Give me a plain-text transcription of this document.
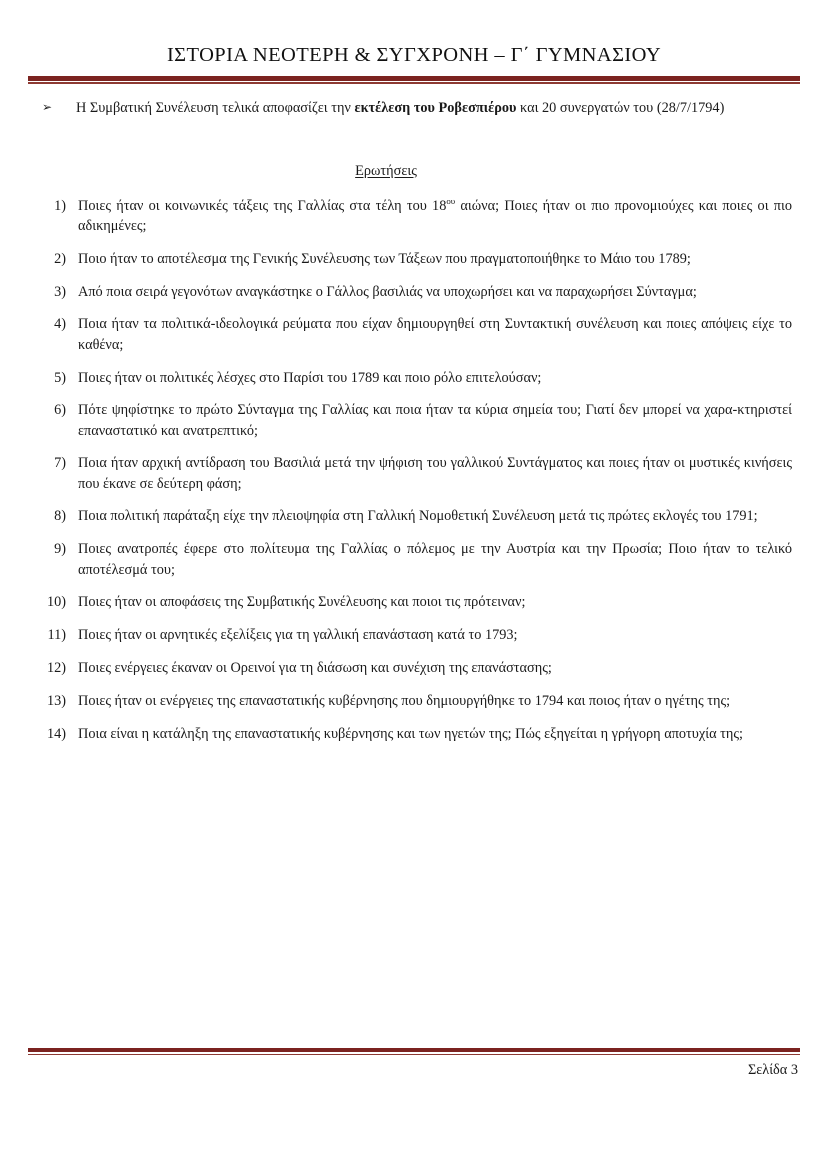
ΙΣΤΟΡΙΑ ΝΕΟΤΕΡΗ & ΣΥΓΧΡΟΝΗ – Γ΄ ΓΥΜΝΑΣΙΟΥ
➢	Η Συμβατική Συνέλευση τελικά αποφασίζει την εκτέλεση του Ροβεσπιέρου και 20 συνεργατών του (28/7/1794)
Ερωτήσεις
1) Ποιες ήταν οι κοινωνικές τάξεις της Γαλλίας στα τέλη του $18^{o\upsilon}$ αιώνα; Ποιες ήταν οι πιο προνομιούχες και ποιες οι πιο αδικημένες;
2) Ποιο ήταν το αποτέλεσμα της Γενικής Συνέλευσης των Τάξεων που πραγματοποιήθηκε το Μάιο του 1789;
3) Από ποια σειρά γεγονότων αναγκάστηκε ο Γάλλος βασιλιάς να υποχωρήσει και να παραχωρήσει Σύνταγμα;
4) Ποια ήταν τα πολιτικά-ιδεολογικά ρεύματα που είχαν δημιουργηθεί στη Συντακτική συνέλευση και ποιες απόψεις είχε το καθένα;
5) Ποιες ήταν οι πολιτικές λέσχες στο Παρίσι του 1789 και ποιο ρόλο επιτελούσαν;
6) Πότε ψηφίστηκε το πρώτο Σύνταγμα της Γαλλίας και ποια ήταν τα κύρια σημεία του; Γιατί δεν μπορεί να χαρα-κτηριστεί επαναστατικό και ανατρεπτικό;
7) Ποια ήταν αρχική αντίδραση του Βασιλιά μετά την ψήφιση του γαλλικού Συντάγματος και ποιες ήταν οι μυστικές κινήσεις που έκανε σε δεύτερη φάση;
8) Ποια πολιτική παράταξη είχε την πλειοψηφία στη Γαλλική Νομοθετική Συνέλευση μετά τις πρώτες εκλογές του 1791;
9) Ποιες ανατροπές έφερε στο πολίτευμα της Γαλλίας ο πόλεμος με την Αυστρία και την Πρωσία; Ποιο ήταν το τελικό αποτέλεσμά του;
10) Ποιες ήταν οι αποφάσεις της Συμβατικής Συνέλευσης και ποιοι τις πρότειναν;
11) Ποιες ήταν οι αρνητικές εξελίξεις για τη γαλλική επανάσταση κατά το 1793;
12) Ποιες ενέργειες έκαναν οι Ορεινοί για τη διάσωση και συνέχιση της επανάστασης;
13) Ποιες ήταν οι ενέργειες της επαναστατικής κυβέρνησης που δημιουργήθηκε το 1794 και ποιος ήταν ο ηγέτης της;
14) Ποια είναι η κατάληξη της επαναστατικής κυβέρνησης και των ηγετών της; Πώς εξηγείται η γρήγορη αποτυχία της;
Σελίδα 3
